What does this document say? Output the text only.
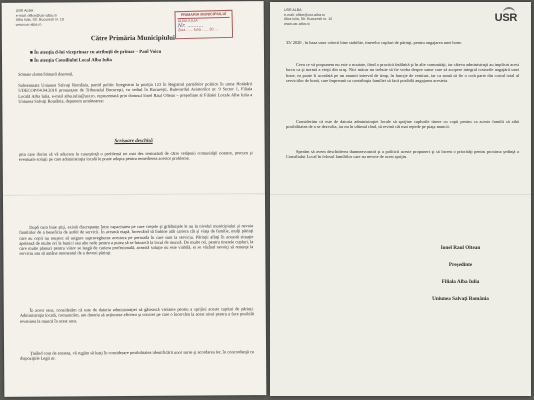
USR ALBA
e-mail: office@usr-alba.ro
Alba Iulia, Str. Bucuresti nr. 10
www.usr-alba.ro
PRIMARIA MUNICIPIULUI
ALBA IULIA
Nr. ..........
Ziua ...... luna ...... 20 ....
Către Primăria Municipiului
■ În atenţia d-lui viceprimar cu atribuţii de primar – Paul Voicu
■ În atenţia Consiliului Local Alba Iulia
Stimate domn/Stimată doamnă,
Subsemnata Uniunea Salvaţi România, partid politic înregistrat la poziţia 123 în Registrul partidelor politice în urma Hotărârii 5/DECOP/04.04.2016 pronunţate de Tribunalul Bucureşti, cu sediul în Bucureşti, Bulevardul Aviatorilor nr. 9 Sector 1, Filiala Locală Alba Iulia, e-mail alba.iulia@usr.ro, reprezentată prin domnul Ionel Raul Oltean – preşedinte al Filialei Locale Alba Iulia a Uniunea Salvaţi România, depunem următoarea:
Scrisoare deschisă
prin care dorim să vă aducem la cunoştinţă o problemă tot mai des semnalată de către cetăţenii comunităţii noastre, precum şi eventuale soluţii pe care administraţia locală le poate adopta pentru remedierea acestor probleme.
După cum bine ştiţi, există discrepanţe între capacitatea pe care creşele şi grădiniţele le au la nivelul municipiului şi nevoia familiilor de a beneficia de astfel de servicii. În această etapă, încercând să îmbine atât cariera cât şi viaţa de familie, mulţi părinţi care au copii nu reuşesc să asigure supravegherea acestora pe perioada în care sunt la serviciu. Părinţii aflaţi în această situaţie apelează de multe ori la bunici sau alte rude pentru a putea să se întoarcă la locul de muncă. De multe ori, pentru tinerele cupluri, la care multe planuri pentru viitor se leagă de cariera profesională, această soluţie nu este viabilă, ei se văzând nevoiţi să renunţe la serviciu sau să amâne momentul de a deveni părinţi.
În acest sens, considerăm că este de datoria administraţiei să găsească variante pentru a sprijini aceste cupluri de părinţi. Administraţia locală, comunicăm, are datoria să acţioneze eficient şi concret pe care o încercăm la acest nivel pentru a face posibilă revenirea la muncă în acest sens.
Ţinând cont de acestea, vă rugăm să luaţi în considerare posibilitatea identificării unor surse şi acordarea lor, în concordanţă cu dispoziţiile Legii nr.
USR ALBA
e-mail: office@usr-alba.ro
Alba Iulia, Str. Bucuresti nr. 10
www.usr-alba.ro	USR
35/ 2020 , în baza unor criterii bine stabilite, tinerelor cupluri de părinţi, pentru angajarea unei bone.
Ceea ce vă propunem nu este o noutate, fiind o practică întâlnită şi în alte comunităţi, iar câteva administraţii au implicat acest lucru ca şi normă a vieţii din oraş. Nici măcar nu trebuie să fie vorba despre sume care să acopere integral costurile angajării unei bone, ea poate fi acordată pe un anumit interval de timp, în funcţie de venituri, iar ca sumă să fie o cotă parte din costul total al serviciilor de bonă, care împreună cu contribuţia familiei să facă posibilă angajarea acesteia.
Considerăm că este de datoria administraţiei locale să sprijine cuplurile tinere cu copii pentru ca aceste familii să aibă posibilitatea de a se dezvolta, iar nu în ultimul rând, să revină cât mai repede pe piaţa muncii.
Sperăm să avem deschiderea dumneavoastră şi a politicii aceste propuneri şi să facem o priorităţi pentru proxima şedinţă a Consiliului Local în folosul familiilor care au nevoie de acest sprijin.
Ionel Raul Oltean
Preşedinte
Filiala Alba Iulia
Uniunea Salvaţi România
